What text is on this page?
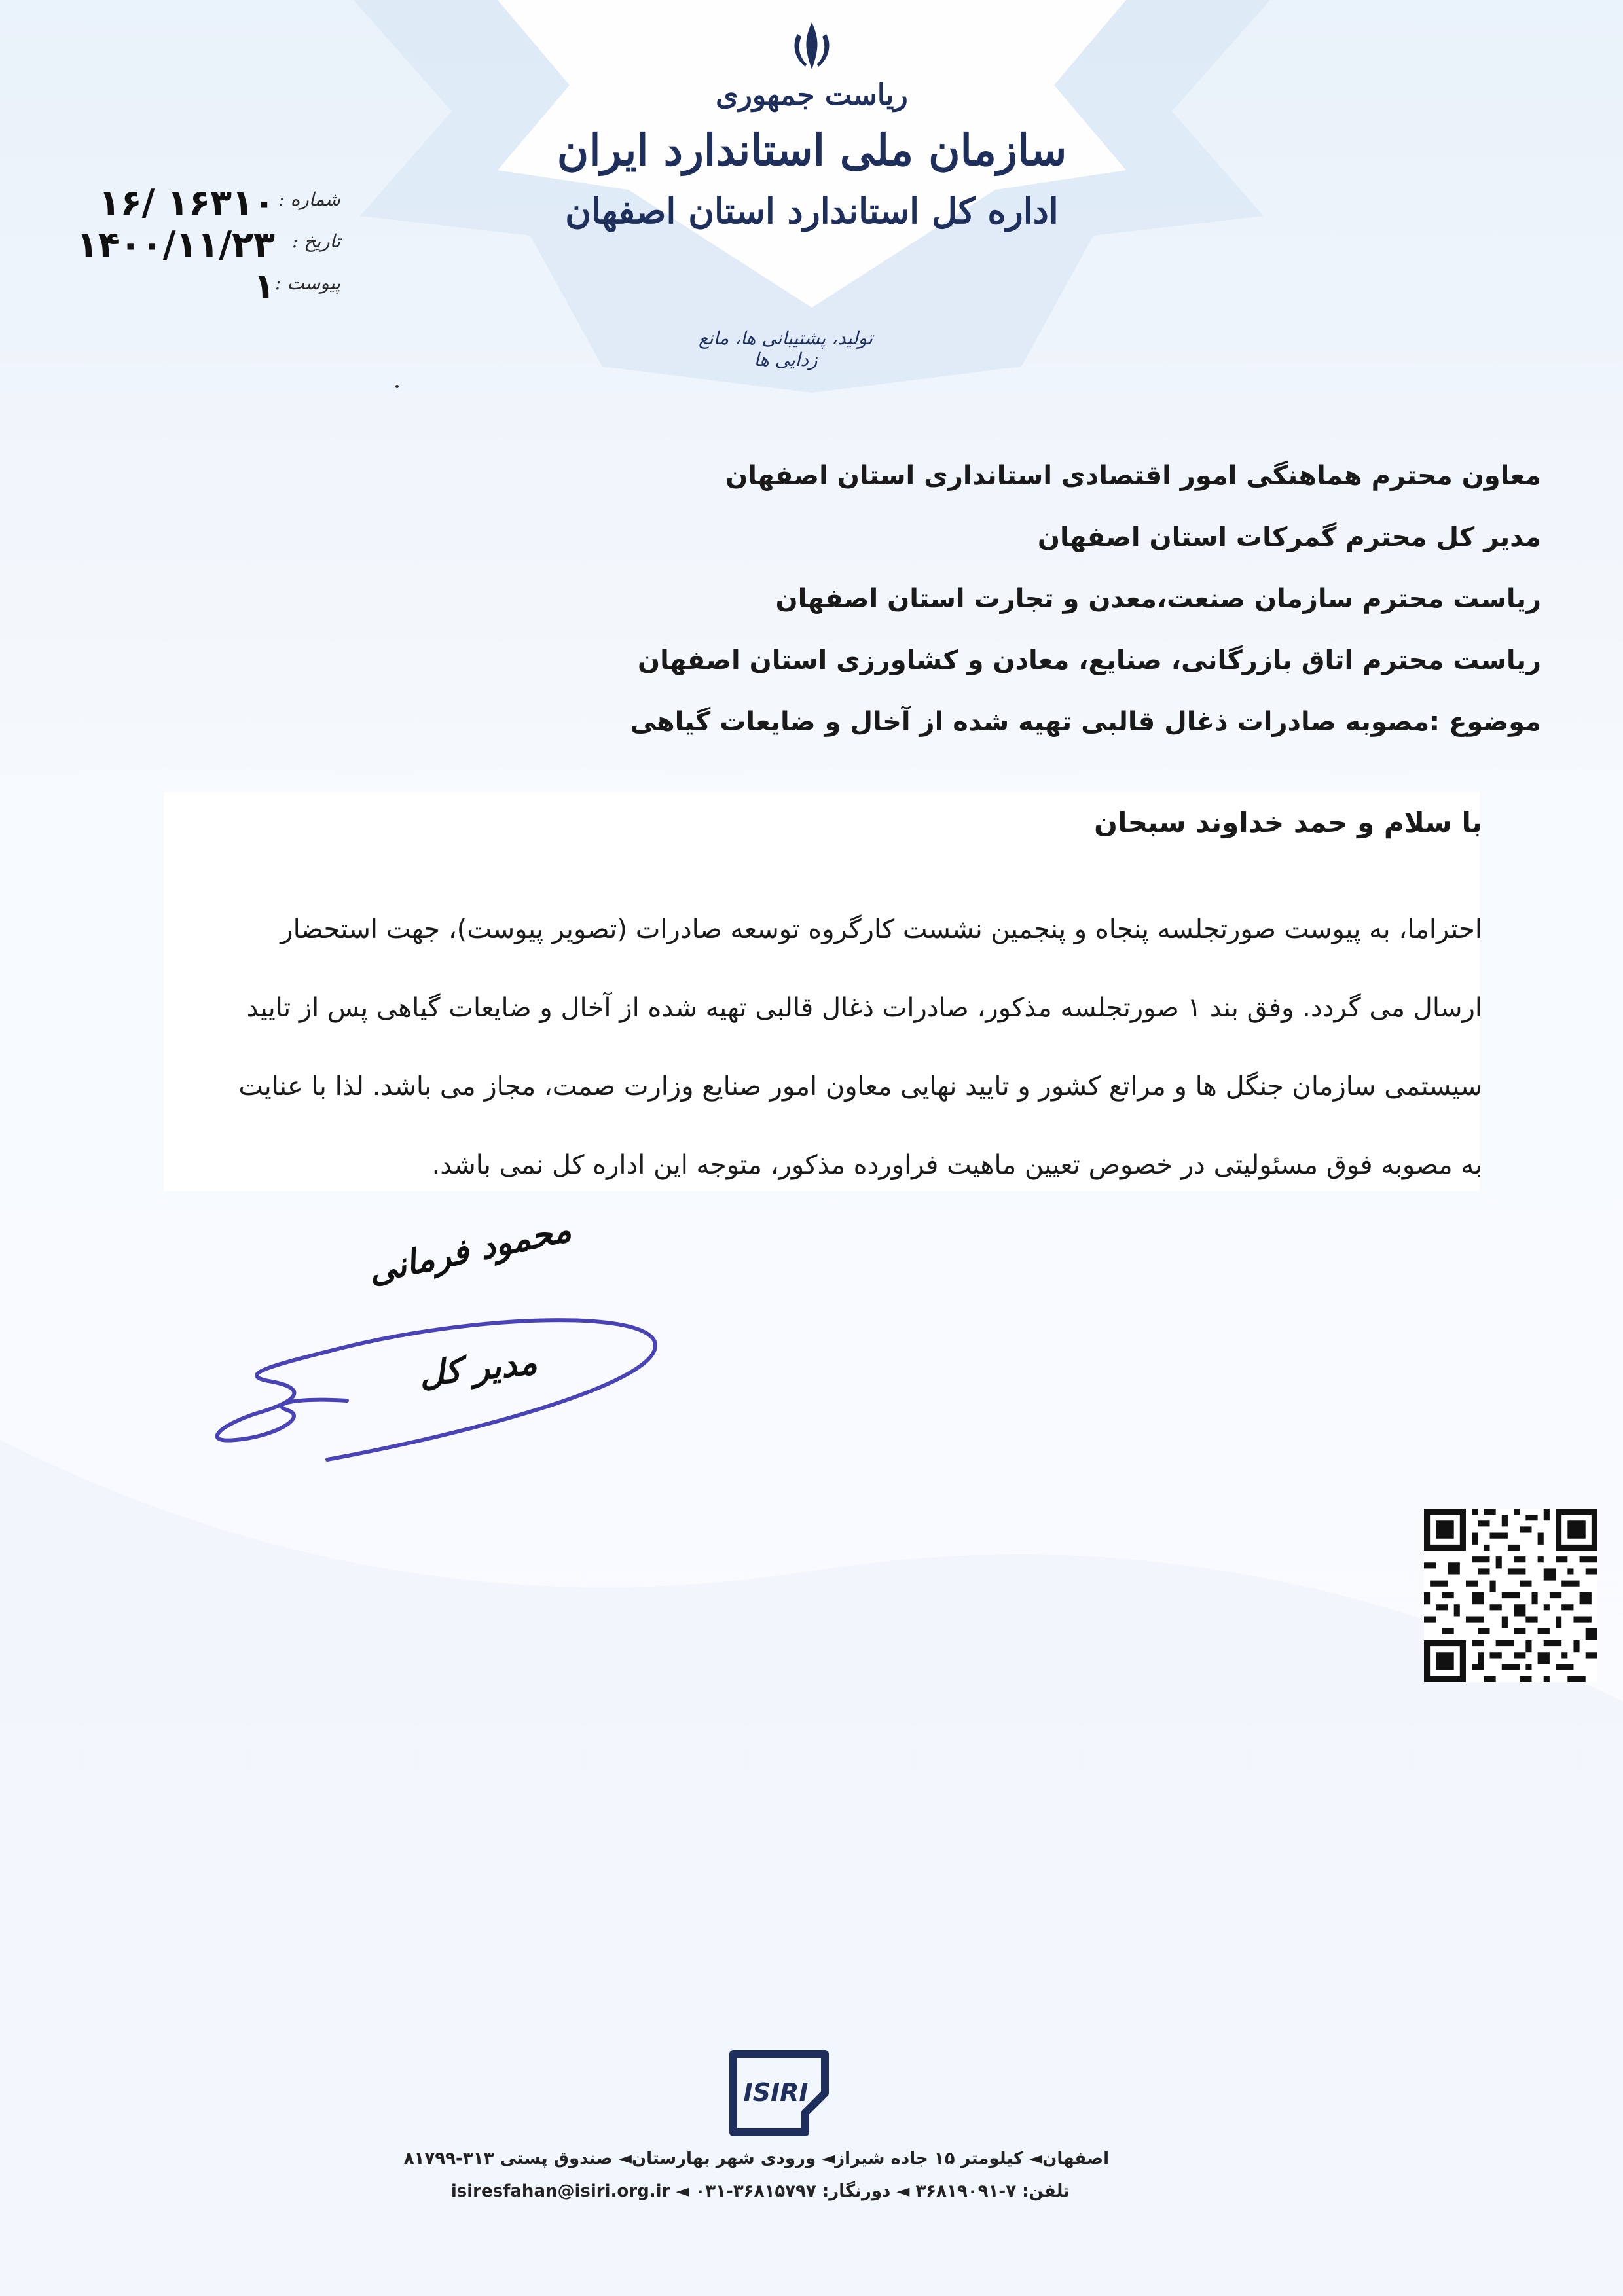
ریاست جمهوری
سازمان ملی استاندارد ایران
اداره کل استاندارد استان اصفهان
تولید، پشتیبانی ها، مانع زدایی ها
شماره :
۱۶/ ۱۶۳۱۰
تاریخ :
۱۴۰۰/۱۱/۲۳
پیوست :
۱
معاون محترم هماهنگی امور اقتصادی استانداری استان اصفهان
مدیر کل محترم گمرکات استان اصفهان
ریاست محترم سازمان صنعت،معدن و تجارت استان اصفهان
ریاست محترم اتاق بازرگانی، صنایع، معادن و کشاورزی استان اصفهان
موضوع :مصوبه صادرات ذغال قالبی تهیه شده از آخال و ضایعات گیاهی
با سلام و حمد خداوند سبحان
احتراما، به پیوست صورتجلسه پنجاه و پنجمین نشست کارگروه توسعه صادرات (تصویر پیوست)، جهت استحضار
ارسال می گردد. وفق بند ۱ صورتجلسه مذکور، صادرات ذغال قالبی تهیه شده از آخال و ضایعات گیاهی پس از تایید
سیستمی سازمان جنگل ها و مراتع کشور و تایید نهایی معاون امور صنایع وزارت صمت، مجاز می باشد. لذا با عنایت
به مصوبه فوق مسئولیتی در خصوص تعیین ماهیت فراورده مذکور، متوجه این اداره کل نمی باشد.
محمود فرمانی
مدیر کل
ISIRI
اصفهان◄ کیلومتر ۱۵ جاده شیراز◄ ورودی شهر بهارستان◄ صندوق پستی ۳۱۳-۸۱۷۹۹
تلفن: ۷-۳۶۸۱۹۰۹۱ ◄ دورنگار: ۳۶۸۱۵۷۹۷-۰۳۱ ◄ isiresfahan@isiri.org.ir
